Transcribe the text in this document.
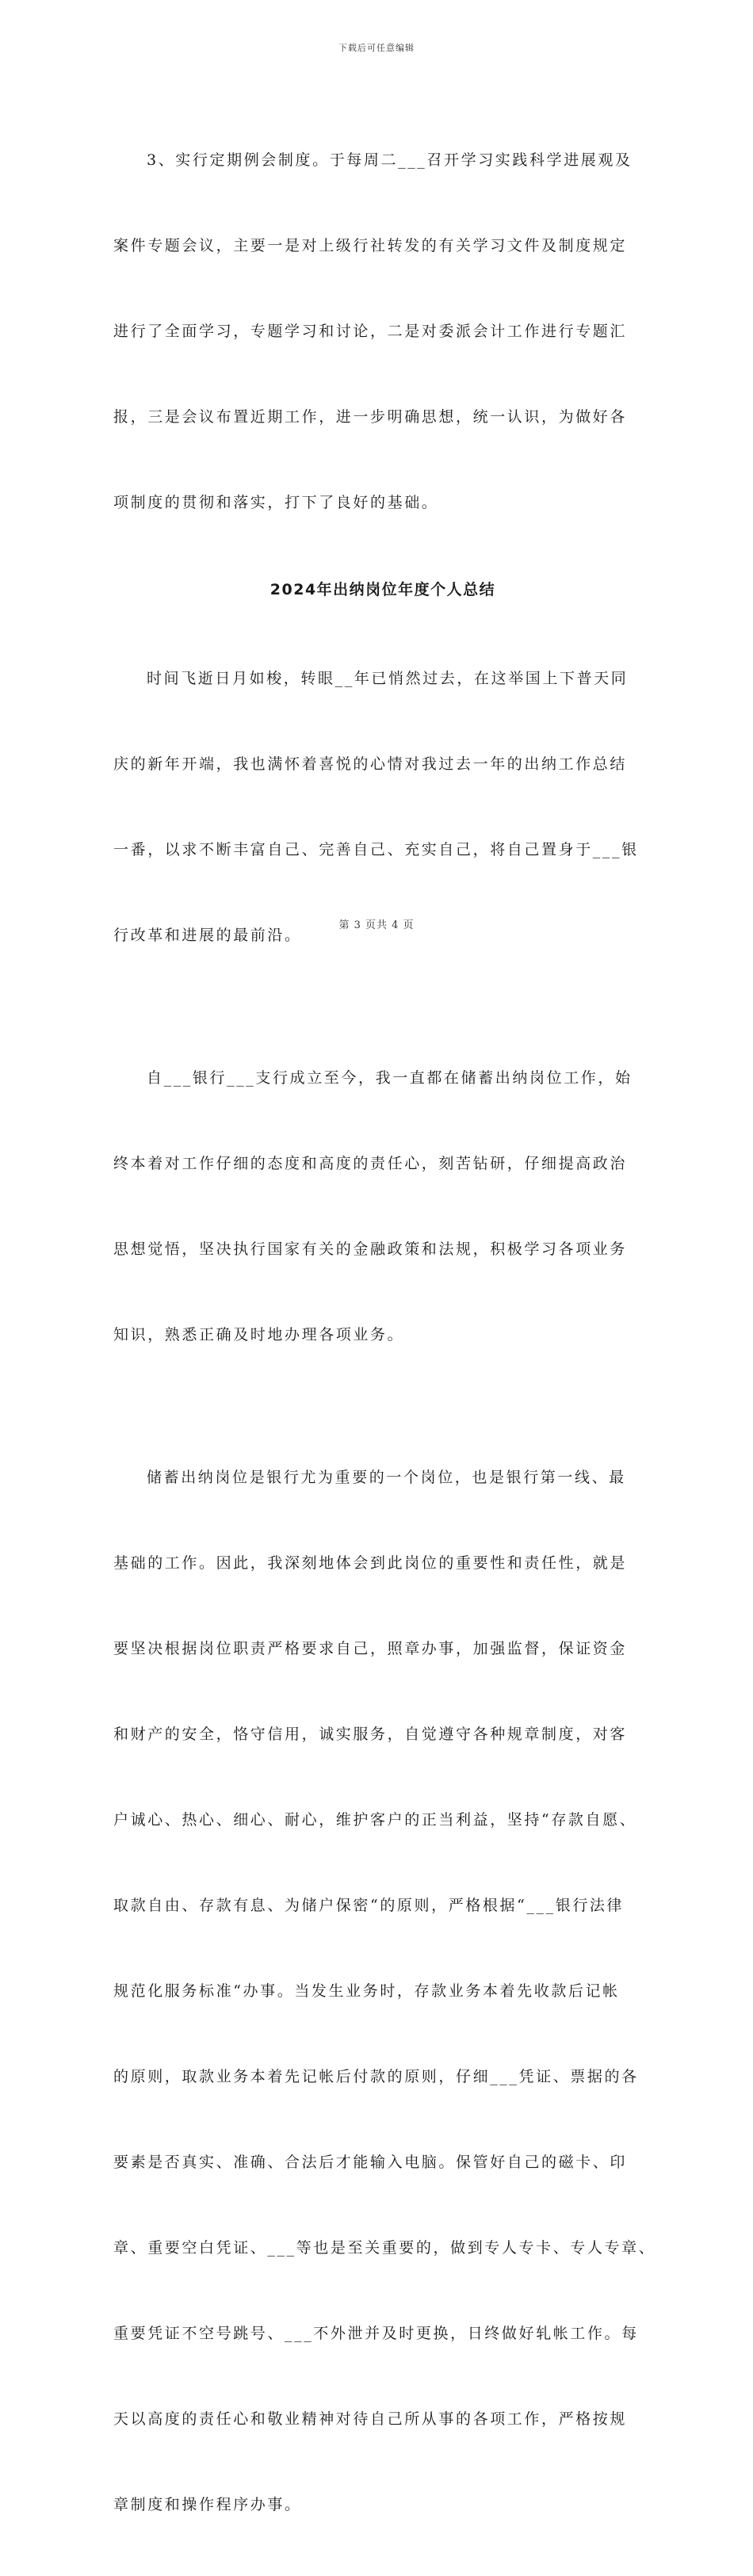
下载后可任意编辑

3、实行定期例会制度。于每周二___召开学习实践科学进展观及

案件专题会议，主要一是对上级行社转发的有关学习文件及制度规定

进行了全面学习，专题学习和讨论，二是对委派会计工作进行专题汇

报，三是会议布置近期工作，进一步明确思想，统一认识，为做好各

项制度的贯彻和落实，打下了良好的基础。

2024年出纳岗位年度个人总结

时间飞逝日月如梭，转眼__年已悄然过去，在这举国上下普天同

庆的新年开端，我也满怀着喜悦的心情对我过去一年的出纳工作总结

一番，以求不断丰富自己、完善自己、充实自己，将自己置身于___银

行改革和进展的最前沿。

自___银行___支行成立至今，我一直都在储蓄出纳岗位工作，始

终本着对工作仔细的态度和高度的责任心，刻苦钻研，仔细提高政治

思想觉悟，坚决执行国家有关的金融政策和法规，积极学习各项业务

知识，熟悉正确及时地办理各项业务。

储蓄出纳岗位是银行尤为重要的一个岗位，也是银行第一线、最

基础的工作。因此，我深刻地体会到此岗位的重要性和责任性，就是

要坚决根据岗位职责严格要求自己，照章办事，加强监督，保证资金

和财产的安全，恪守信用，诚实服务，自觉遵守各种规章制度，对客

户诚心、热心、细心、耐心，维护客户的正当利益，坚持“存款自愿、

取款自由、存款有息、为储户保密“的原则，严格根据“___银行法律

规范化服务标准“办事。当发生业务时，存款业务本着先收款后记帐

的原则，取款业务本着先记帐后付款的原则，仔细___凭证、票据的各

要素是否真实、准确、合法后才能输入电脑。保管好自己的磁卡、印

章、重要空白凭证、___等也是至关重要的，做到专人专卡、专人专章、

重要凭证不空号跳号、___不外泄并及时更换，日终做好轧帐工作。每

天以高度的责任心和敬业精神对待自己所从事的各项工作，严格按规

章制度和操作程序办事。

第 3 页共 4 页
